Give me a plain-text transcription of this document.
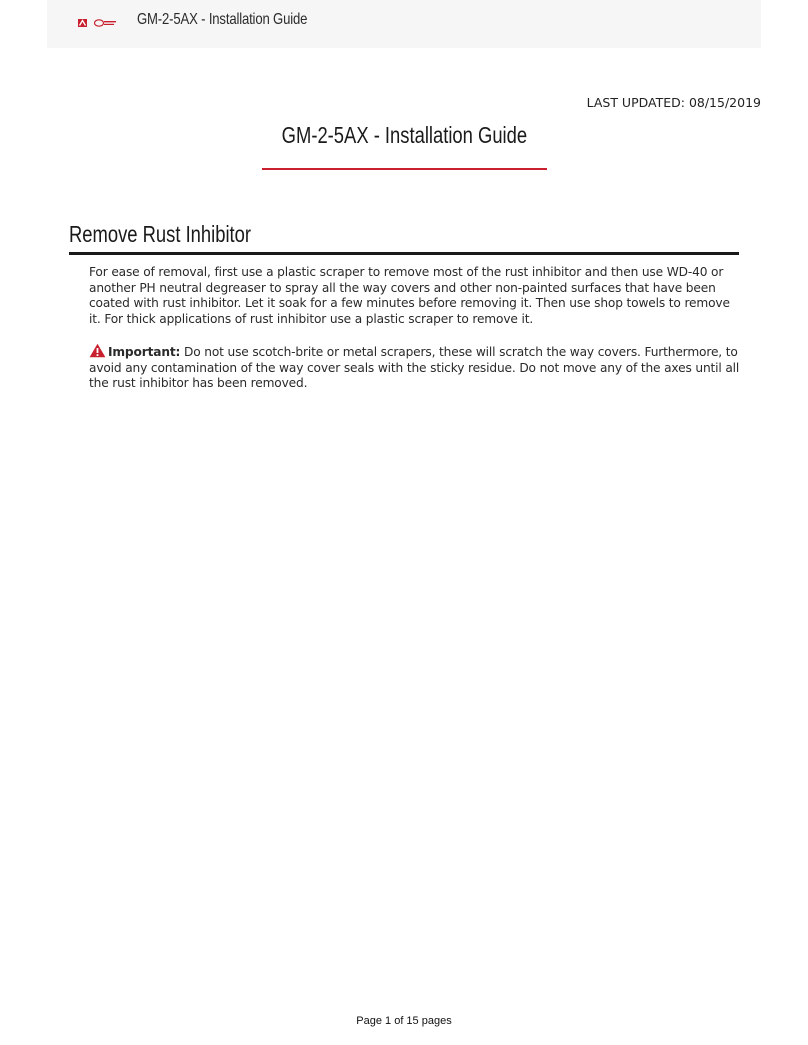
GM-2-5AX - Installation Guide
LAST UPDATED: 08/15/2019
GM-2-5AX - Installation Guide
Remove Rust Inhibitor
For ease of removal, first use a plastic scraper to remove most of the rust inhibitor and then use WD-40 or another PH neutral degreaser to spray all the way covers and other non-painted surfaces that have been coated with rust inhibitor. Let it soak for a few minutes before removing it. Then use shop towels to remove it. For thick applications of rust inhibitor use a plastic scraper to remove it.
Important: Do not use scotch-brite or metal scrapers, these will scratch the way covers. Furthermore, to avoid any contamination of the way cover seals with the sticky residue. Do not move any of the axes until all the rust inhibitor has been removed.
Page 1 of 15 pages
